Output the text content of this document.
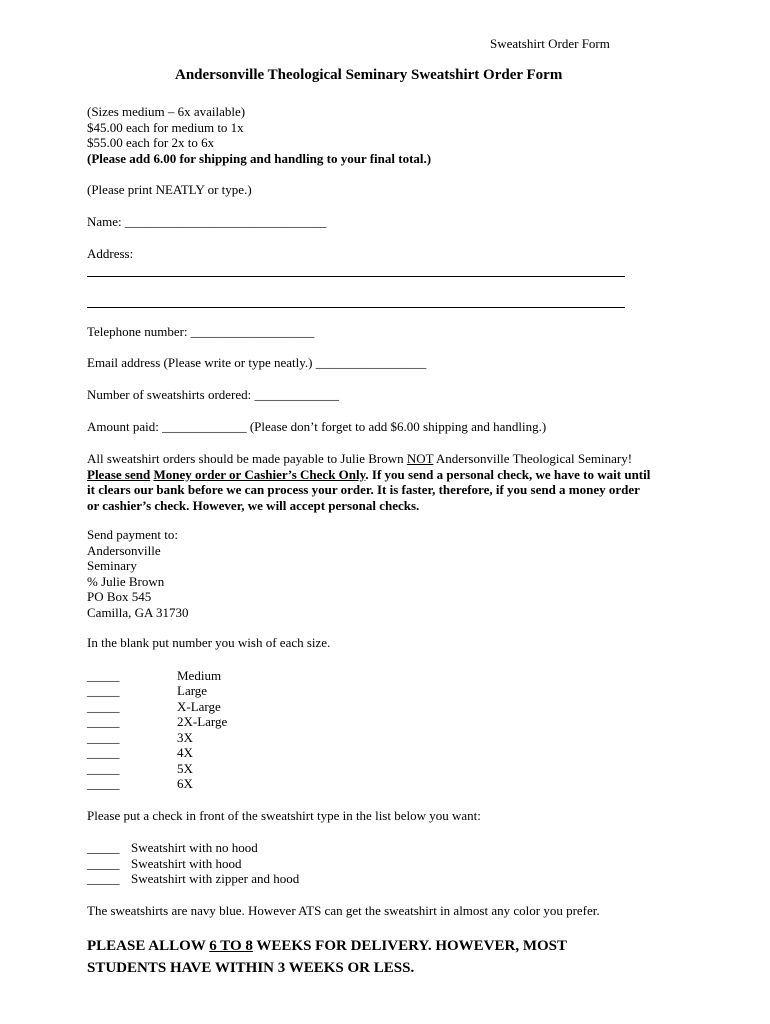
Sweatshirt Order Form
Andersonville Theological Seminary Sweatshirt Order Form
(Sizes medium – 6x available)
$45.00 each for medium to 1x
$55.00 each for 2x to 6x
(Please add 6.00 for shipping and handling to your final total.)
(Please print NEATLY or type.)
Name: _______________________________
Address:
Telephone number: ___________________
Email address (Please write or type neatly.) _________________
Number of sweatshirts ordered: _____________
Amount paid: _____________ (Please don’t forget to add $6.00 shipping and handling.)
All sweatshirt orders should be made payable to Julie Brown NOT Andersonville Theological Seminary!
Please send Money order or Cashier’s Check Only. If you send a personal check, we have to wait until
it clears our bank before we can process your order. It is faster, therefore, if you send a money order
or cashier’s check. However, we will accept personal checks.
Send payment to:
Andersonville
Seminary
% Julie Brown
PO Box 545
Camilla, GA 31730
In the blank put number you wish of each size.
_____	Medium
_____	Large
_____	X-Large
_____	2X-Large
_____	3X
_____	4X
_____	5X
_____	6X
Please put a check in front of the sweatshirt type in the list below you want:
_____ Sweatshirt with no hood
_____ Sweatshirt with hood
_____ Sweatshirt with zipper and hood
The sweatshirts are navy blue. However ATS can get the sweatshirt in almost any color you prefer.
PLEASE ALLOW 6 TO 8 WEEKS FOR DELIVERY. HOWEVER, MOST
STUDENTS HAVE WITHIN 3 WEEKS OR LESS.
